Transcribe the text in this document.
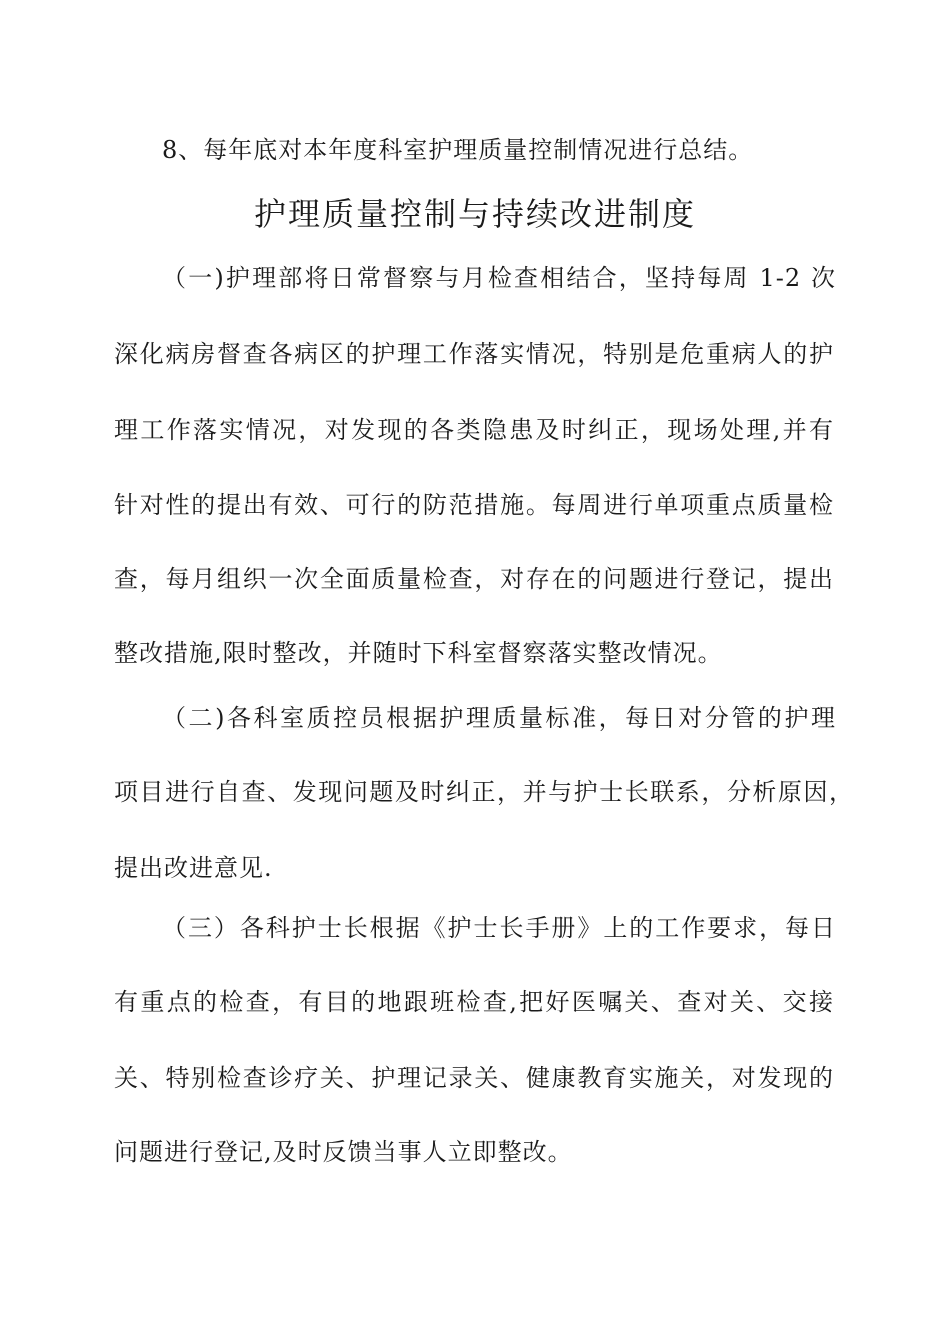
8、每年底对本年度科室护理质量控制情况进行总结。
护理质量控制与持续改进制度
（一)护理部将日常督察与月检查相结合，坚持每周 1-2 次
深化病房督查各病区的护理工作落实情况，特别是危重病人的护
理工作落实情况，对发现的各类隐患及时纠正，现场处理,并有
针对性的提出有效、可行的防范措施。每周进行单项重点质量检
查，每月组织一次全面质量检查，对存在的问题进行登记，提出
整改措施,限时整改，并随时下科室督察落实整改情况。
（二)各科室质控员根据护理质量标准，每日对分管的护理
项目进行自查、发现问题及时纠正，并与护士长联系，分析原因，
提出改进意见.
（三）各科护士长根据《护士长手册》上的工作要求，每日
有重点的检查，有目的地跟班检查,把好医嘱关、查对关、交接
关、特别检查诊疗关、护理记录关、健康教育实施关，对发现的
问题进行登记,及时反馈当事人立即整改。
